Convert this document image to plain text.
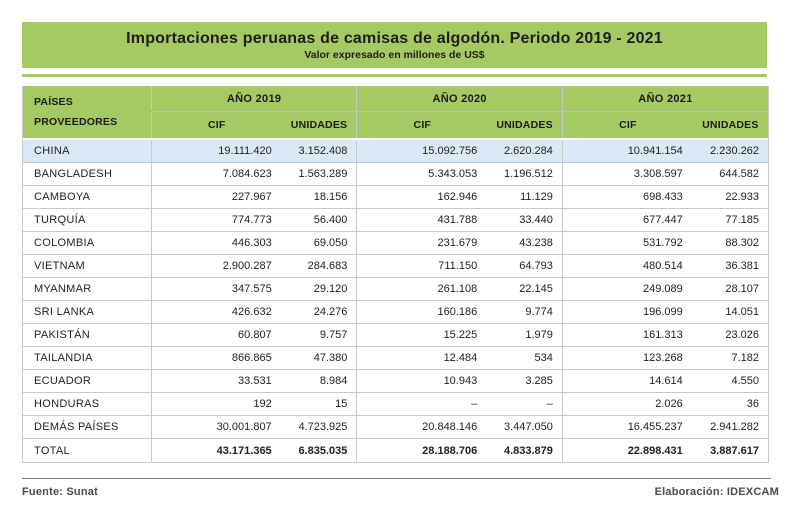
Importaciones peruanas de camisas de algodón. Periodo 2019 - 2021
Valor expresado en millones de US$
PAÍSES
PROVEEDORES	AÑO 2019		AÑO 2020		AÑO 2021	
	CIF	UNIDADES	CIF	UNIDADES	CIF	UNIDADES
CHINA	19.111.420	3.152.408	15.092.756	2.620.284	10.941.154	2.230.262
BANGLADESH	7.084.623	1.563.289	5.343.053	1.196.512	3.308.597	644.582
CAMBOYA	227.967	18.156	162.946	11.129	698.433	22.933
TURQUÍA	774.773	56.400	431.788	33.440	677.447	77.185
COLOMBIA	446.303	69.050	231.679	43.238	531.792	88.302
VIETNAM	2.900.287	284.683	711.150	64.793	480.514	36.381
MYANMAR	347.575	29.120	261.108	22.145	249.089	28.107
SRI LANKA	426.632	24.276	160.186	9.774	196.099	14.051
PAKISTÁN	60.807	9.757	15.225	1.979	161.313	23.026
TAILANDIA	866.865	47.380	12.484	534	123.268	7.182
ECUADOR	33.531	8.984	10.943	3.285	14.614	4.550
HONDURAS	192	15	–	–	2.026	36
DEMÁS PAÍSES	30.001.807	4.723.925	20.848.146	3.447.050	16.455.237	2.941.282
TOTAL	43.171.365	6.835.035	28.188.706	4.833.879	22.898.431	3.887.617
Fuente: Sunat	Elaboración: IDEXCAM
